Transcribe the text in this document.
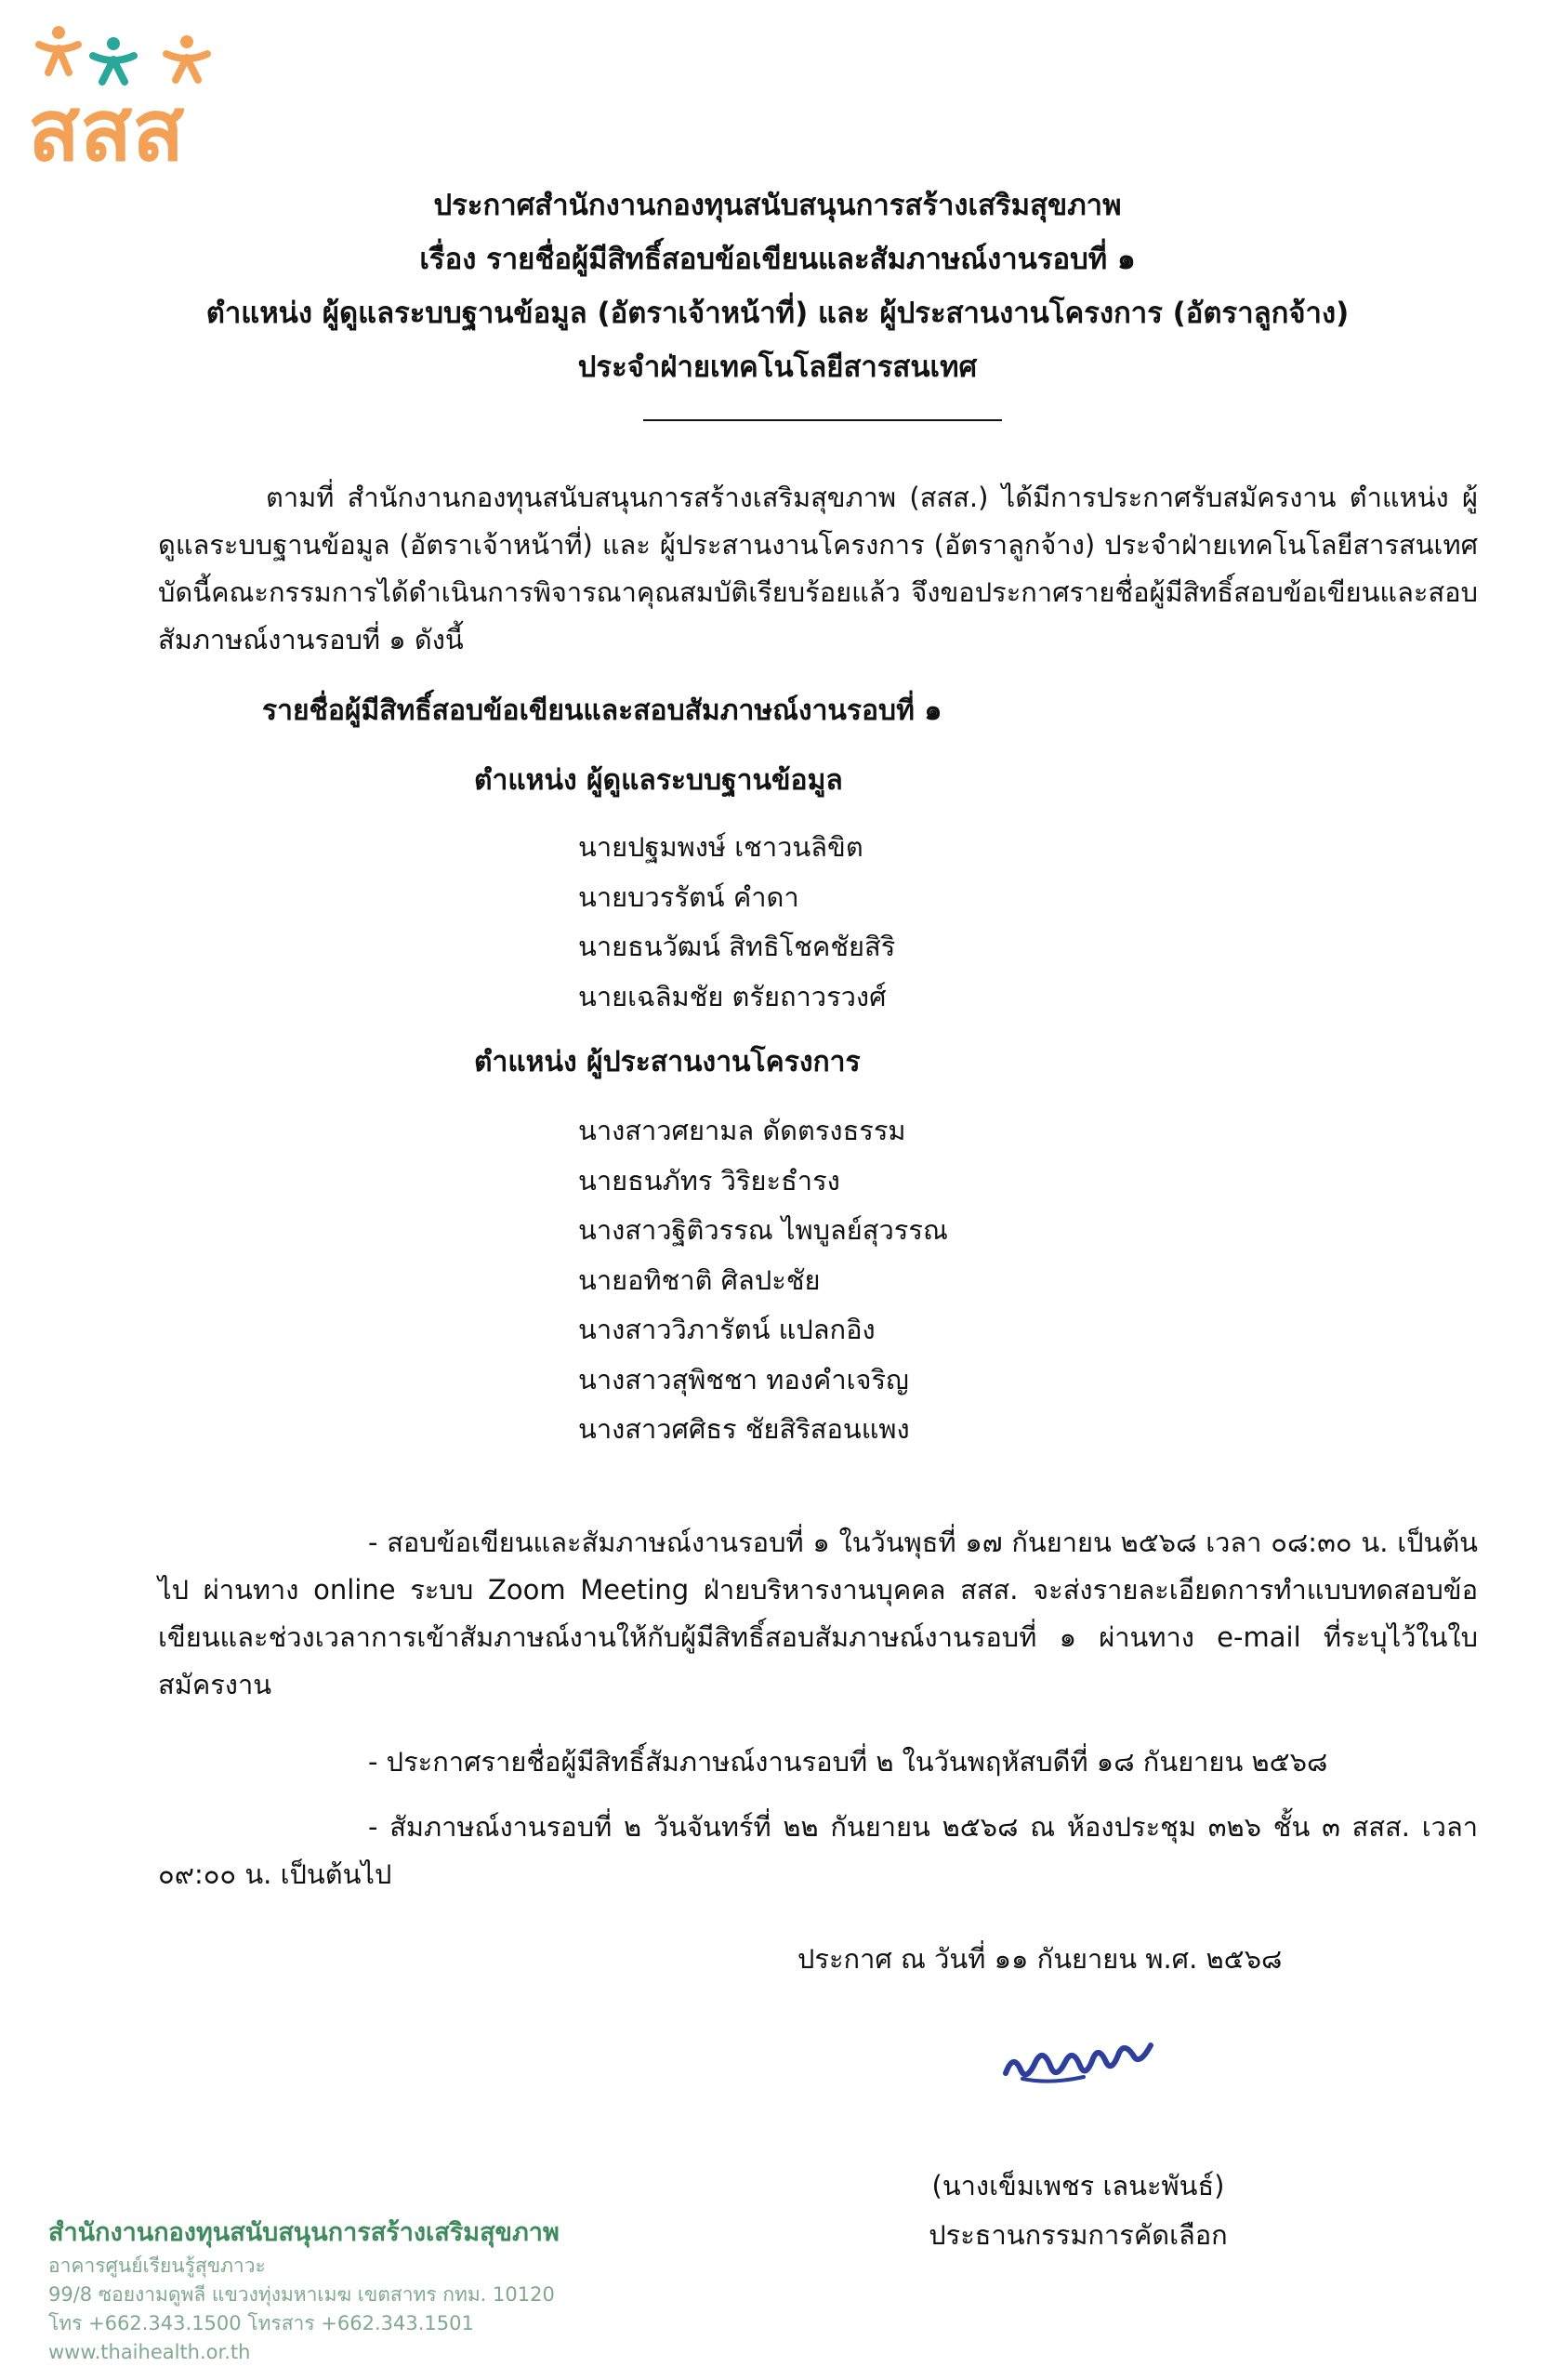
สสส
ประกาศสำนักงานกองทุนสนับสนุนการสร้างเสริมสุขภาพ
เรื่อง รายชื่อผู้มีสิทธิ์สอบข้อเขียนและสัมภาษณ์งานรอบที่ ๑
ตำแหน่ง ผู้ดูแลระบบฐานข้อมูล (อัตราเจ้าหน้าที่) และ ผู้ประสานงานโครงการ (อัตราลูกจ้าง)
ประจำฝ่ายเทคโนโลยีสารสนเทศ
ตามที่ สำนักงานกองทุนสนับสนุนการสร้างเสริมสุขภาพ (สสส.) ได้มีการประกาศรับสมัครงาน ตำแหน่ง ผู้ดูแลระบบฐานข้อมูล (อัตราเจ้าหน้าที่) และ ผู้ประสานงานโครงการ (อัตราลูกจ้าง) ประจำฝ่ายเทคโนโลยีสารสนเทศ บัดนี้คณะกรรมการได้ดำเนินการพิจารณาคุณสมบัติเรียบร้อยแล้ว จึงขอประกาศรายชื่อผู้มีสิทธิ์สอบข้อเขียนและสอบสัมภาษณ์งานรอบที่ ๑ ดังนี้
รายชื่อผู้มีสิทธิ์สอบข้อเขียนและสอบสัมภาษณ์งานรอบที่ ๑
ตำแหน่ง ผู้ดูแลระบบฐานข้อมูล
นายปฐมพงษ์ เชาวนลิขิต
นายบวรรัตน์ คำดา
นายธนวัฒน์ สิทธิโชคชัยสิริ
นายเฉลิมชัย ตรัยถาวรวงศ์
ตำแหน่ง ผู้ประสานงานโครงการ
นางสาวศยามล ดัดตรงธรรม
นายธนภัทร วิริยะธำรง
นางสาวฐิติวรรณ ไพบูลย์สุวรรณ
นายอทิชาติ ศิลปะชัย
นางสาววิภารัตน์ แปลกอิง
นางสาวสุพิชชา ทองคำเจริญ
นางสาวศศิธร ชัยสิริสอนแพง
- สอบข้อเขียนและสัมภาษณ์งานรอบที่ ๑ ในวันพุธที่ ๑๗ กันยายน ๒๕๖๘ เวลา ๐๘:๓๐ น. เป็นต้นไป ผ่านทาง online ระบบ Zoom Meeting ฝ่ายบริหารงานบุคคล สสส. จะส่งรายละเอียดการทำแบบทดสอบข้อเขียนและช่วงเวลาการเข้าสัมภาษณ์งานให้กับผู้มีสิทธิ์สอบสัมภาษณ์งานรอบที่ ๑ ผ่านทาง e-mail ที่ระบุไว้ในใบสมัครงาน
- ประกาศรายชื่อผู้มีสิทธิ์สัมภาษณ์งานรอบที่ ๒ ในวันพฤหัสบดีที่ ๑๘ กันยายน ๒๕๖๘
- สัมภาษณ์งานรอบที่ ๒ วันจันทร์ที่ ๒๒ กันยายน ๒๕๖๘ ณ ห้องประชุม ๓๒๖ ชั้น ๓ สสส. เวลา ๐๙:๐๐ น. เป็นต้นไป
ประกาศ ณ วันที่ ๑๑ กันยายน พ.ศ. ๒๕๖๘
(นางเข็มเพชร เลนะพันธ์)
ประธานกรรมการคัดเลือก
สำนักงานกองทุนสนับสนุนการสร้างเสริมสุขภาพ
อาคารศูนย์เรียนรู้สุขภาวะ
99/8 ซอยงามดูพลี แขวงทุ่งมหาเมฆ เขตสาทร กทม. 10120
โทร +662.343.1500 โทรสาร +662.343.1501
www.thaihealth.or.th
